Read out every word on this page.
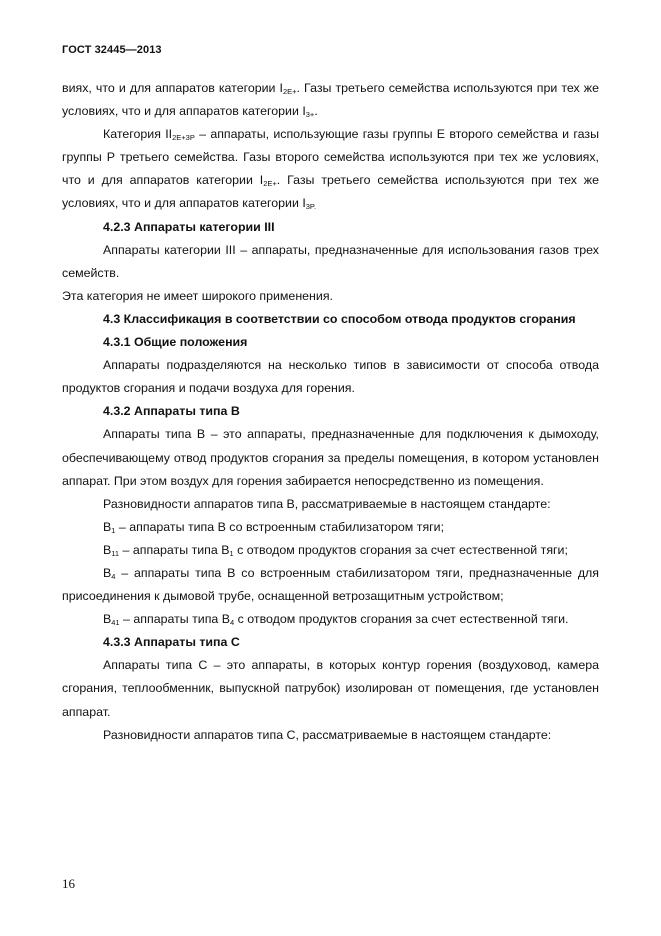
ГОСТ 32445—2013

виях, что и для аппаратов категории $I_{2E+}$. Газы третьего семейства используются при тех же условиях, что и для аппаратов категории $I_{3+}$.

Категория $II_{2E+3P}$ – аппараты, использующие газы группы Е второго семейства и газы группы Р третьего семейства. Газы второго семейства используются при тех же условиях, что и для аппаратов категории $I_{2E+}$. Газы третьего семейства используются при тех же условиях, что и для аппаратов категории $I_{3P.}$

4.2.3 Аппараты категории III

Аппараты категории III – аппараты, предназначенные для использования газов трех семейств.

Эта категория не имеет широкого применения.

4.3 Классификация в соответствии со способом отвода продуктов сгорания

4.3.1 Общие положения

Аппараты подразделяются на несколько типов в зависимости от способа отвода продуктов сгорания и подачи воздуха для горения.

4.3.2 Аппараты типа В

Аппараты типа В – это аппараты, предназначенные для подключения к дымоходу, обеспечивающему отвод продуктов сгорания за пределы помещения, в котором установлен аппарат. При этом воздух для горения забирается непосредственно из помещения.

Разновидности аппаратов типа В, рассматриваемые в настоящем стандарте:

$В_1$ – аппараты типа В со встроенным стабилизатором тяги;

$В_{11}$ – аппараты типа $В_1$ с отводом продуктов сгорания за счет естественной тяги;

$В_4$ – аппараты типа В со встроенным стабилизатором тяги, предназначенные для присоединения к дымовой трубе, оснащенной ветрозащитным устройством;

$В_{41}$ – аппараты типа $В_4$ с отводом продуктов сгорания за счет естественной тяги.

4.3.3 Аппараты типа С

Аппараты типа С – это аппараты, в которых контур горения (воздуховод, камера сгорания, теплообменник, выпускной патрубок) изолирован от помещения, где установлен аппарат.

Разновидности аппаратов типа С, рассматриваемые в настоящем стандарте:

16
